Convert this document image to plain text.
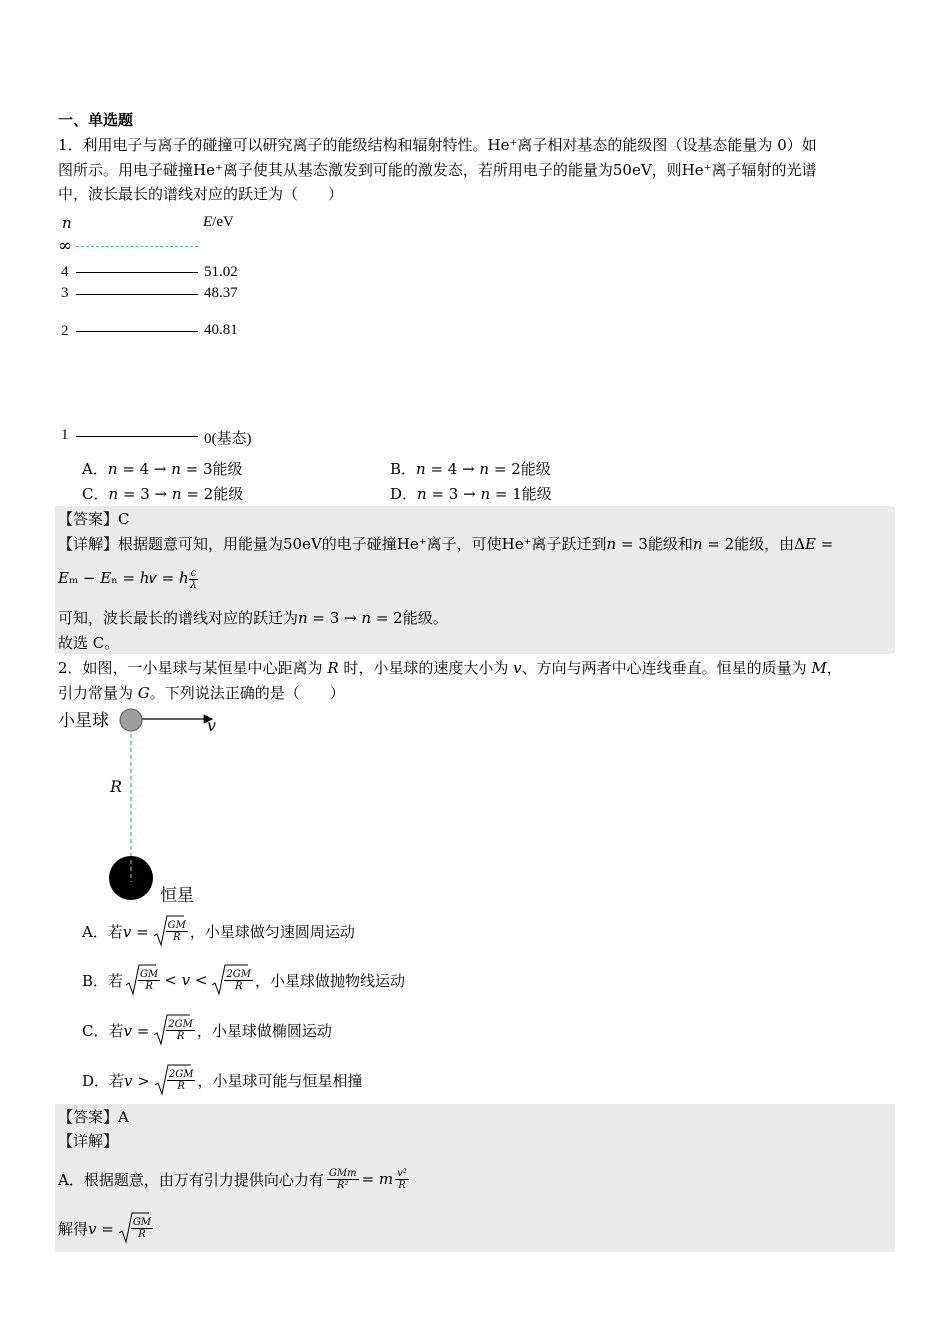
一、单选题
1．利用电子与离子的碰撞可以研究离子的能级结构和辐射特性。He⁺离子相对基态的能级图（设基态能量为 0）如
图所示。用电子碰撞He⁺离子使其从基态激发到可能的激发态，若所用电子的能量为50eV，则He⁺离子辐射的光谱
中，波长最长的谱线对应的跃迁为（　　）
n	E/eV
∞
4	51.02
3	48.37
2	40.81
1	0(基态)
A．𝑛 = 4 → 𝑛 = 3能级	B．𝑛 = 4 → 𝑛 = 2能级
C．𝑛 = 3 → 𝑛 = 2能级	D．𝑛 = 3 → 𝑛 = 1能级
【答案】C
【详解】根据题意可知，用能量为50eV的电子碰撞He⁺离子，可使He⁺离子跃迁到𝑛 = 3能级和𝑛 = 2能级，由Δ𝐸 =
𝐸ₘ − 𝐸ₙ = ℎ𝜈 = ℎ $\frac{c}{\lambda}$
可知，波长最长的谱线对应的跃迁为𝑛 = 3 → 𝑛 = 2能级。
故选 C。
2．如图，一小星球与某恒星中心距离为 𝑅 时，小星球的速度大小为 𝑣、方向与两者中心连线垂直。恒星的质量为 𝑀，
引力常量为 𝐺。下列说法正确的是（　　）
小星球	v
R
恒星
A．若𝑣 = $\frac{GM}{R}$ ，小星球做匀速圆周运动
B．若 $\frac{GM}{R}$ < 𝑣 < $\frac{2GM}{R}$ ，小星球做抛物线运动
C．若𝑣 = $\frac{2GM}{R}$ ，小星球做椭圆运动
D．若𝑣 > $\frac{2GM}{R}$ ，小星球可能与恒星相撞
【答案】A
【详解】
A．根据题意，由万有引力提供向心力有 $\frac{\text{GMm}}{\text{R²}}$ = 𝑚 $\frac{\text{v²}}{R}$
解得𝑣 = $\frac{GM}{R}$
